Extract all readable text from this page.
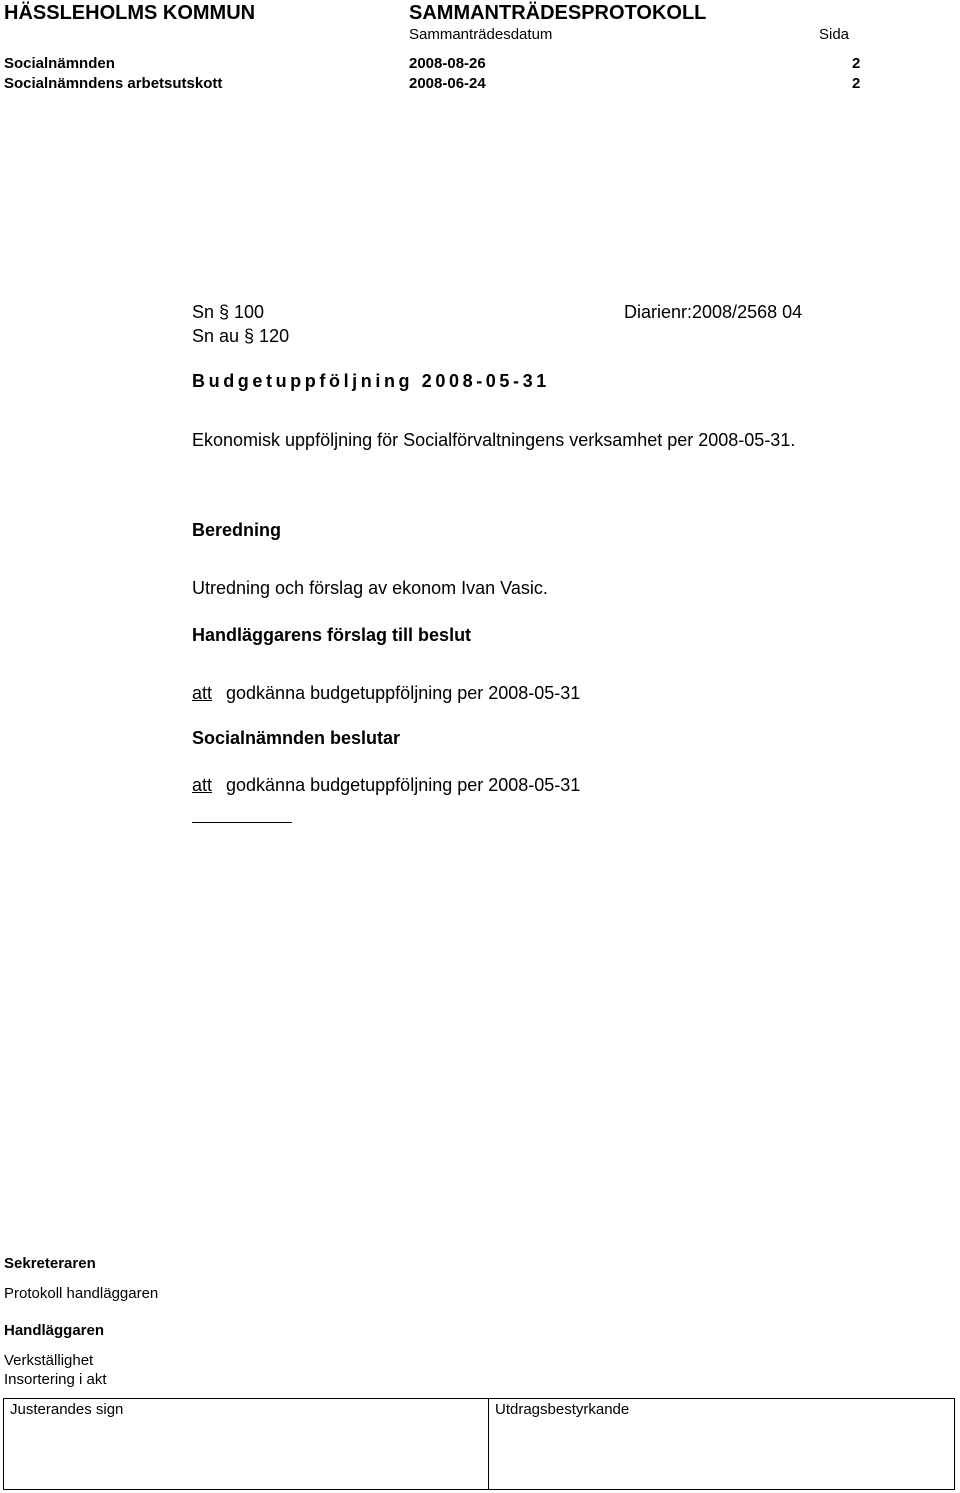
HÄSSLEHOLMS KOMMUN	SAMMANTRÄDESPROTOKOLL
Sammanträdesdatum	Sida
Socialnämnden	2008-08-26	2
Socialnämndens arbetsutskott	2008-06-24	2
Sn § 100
Sn au § 120
Diarienr:2008/2568 04
Budgetuppföljning 2008-05-31
Ekonomisk uppföljning för Socialförvaltningens verksamhet per 2008-05-31.
Beredning
Utredning och förslag av ekonom Ivan Vasic.
Handläggarens förslag till beslut
att godkänna budgetuppföljning per 2008-05-31
Socialnämnden beslutar
att godkänna budgetuppföljning per 2008-05-31
Sekreteraren
Protokoll handläggaren
Handläggaren
Verkställighet
Insortering i akt
Justerandes sign	Utdragsbestyrkande
